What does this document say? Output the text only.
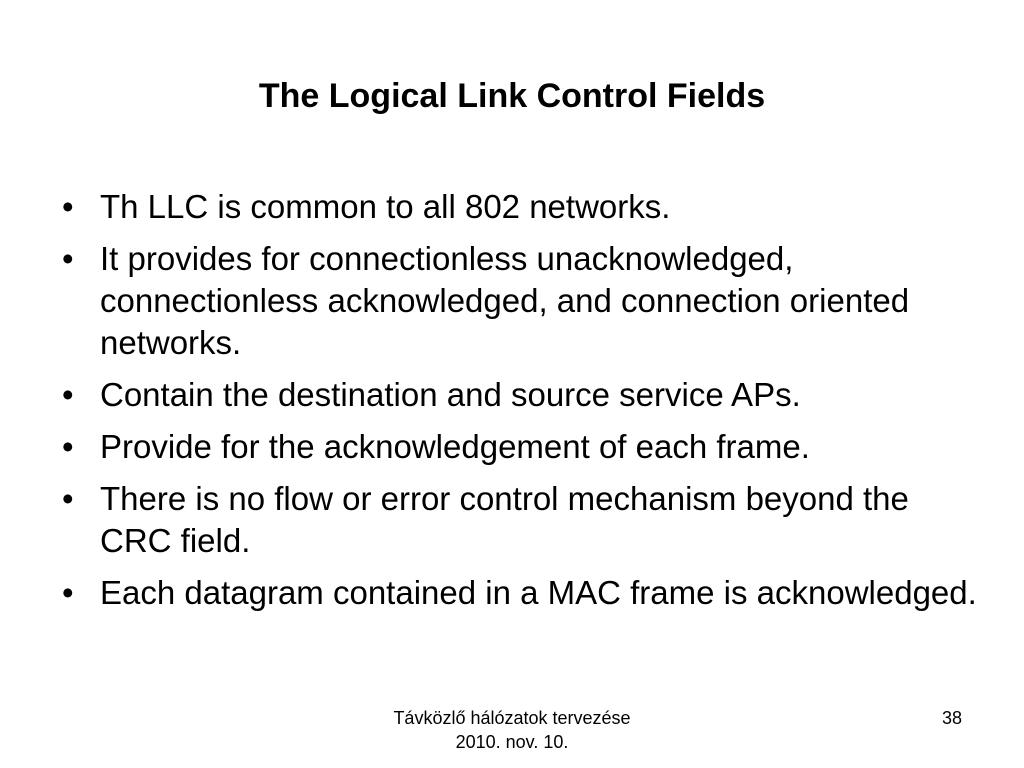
The Logical Link Control Fields
• Th LLC is common to all 802 networks.
• It provides for connectionless unacknowledged, connectionless acknowledged, and connection oriented networks.
• Contain the destination and source service APs.
• Provide for the acknowledgement of each frame.
• There is no flow or error control mechanism beyond the CRC field.
• Each datagram contained in a MAC frame is acknowledged.
Távközlő hálózatok tervezése
2010. nov. 10.
38
